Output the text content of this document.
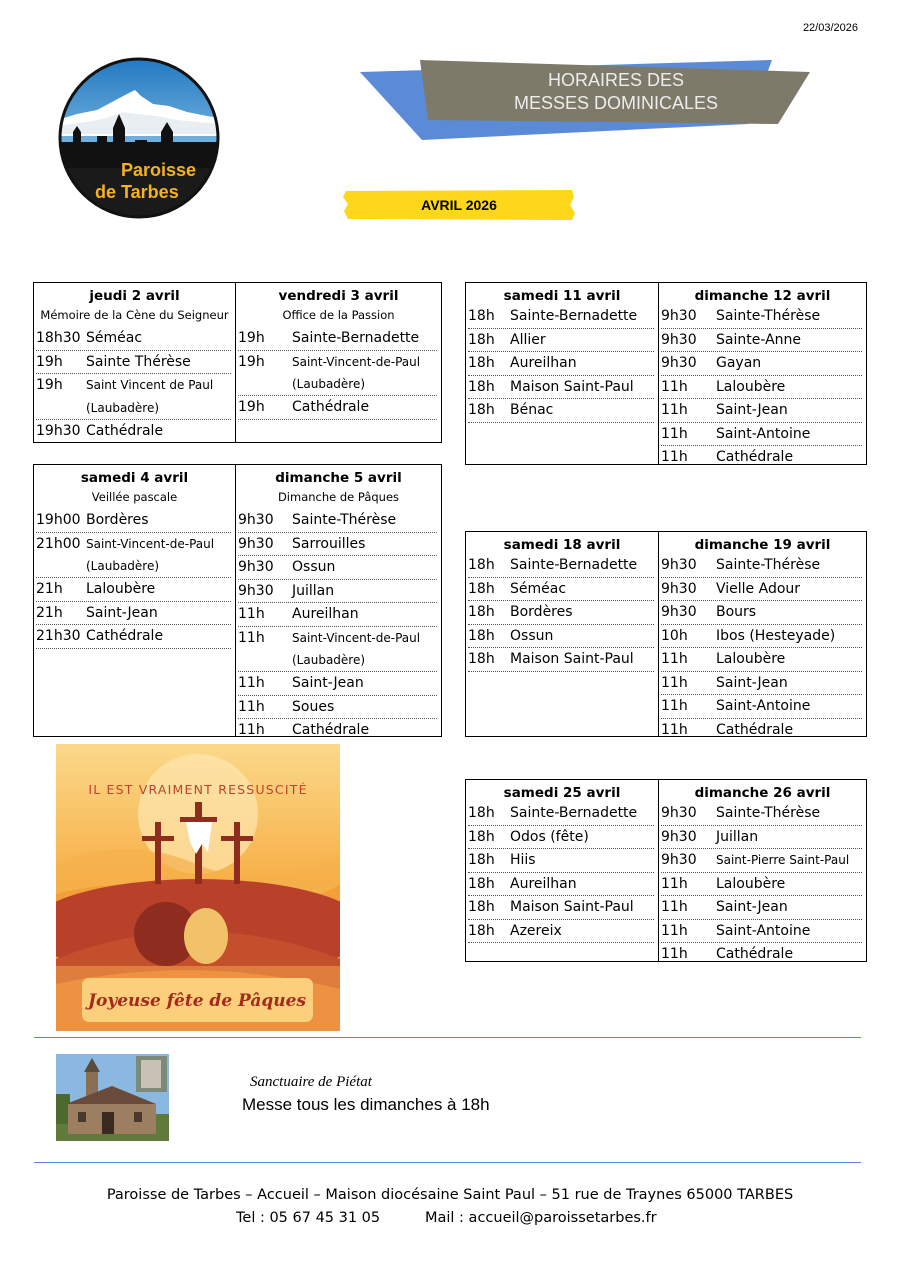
22/03/2026
Paroisse
de Tarbes
HORAIRES DES
MESSES DOMINICALES
AVRIL 2026
jeudi 2 avril
Mémoire de la Cène du Seigneur
18h30 Séméac
19h	Sainte Thérèse
19h	Saint Vincent de Paul
(Laubadère)
19h30 Cathédrale
vendredi 3 avril
Office de la Passion
19h	Sainte-Bernadette
19h	Saint-Vincent-de-Paul
(Laubadère)
19h	Cathédrale
samedi 4 avril
Veillée pascale
19h00 Bordères
21h00 Saint-Vincent-de-Paul
(Laubadère)
21h	Laloubère
21h	Saint-Jean
21h30 Cathédrale
dimanche 5 avril
Dimanche de Pâques
9h30	Sainte-Thérèse
9h30	Sarrouilles
9h30	Ossun
9h30	Juillan
11h	Aureilhan
11h	Saint-Vincent-de-Paul
(Laubadère)
11h	Saint-Jean
11h	Soues
11h	Cathédrale
samedi 11 avril
18h	Sainte-Bernadette
18h	Allier
18h	Aureilhan
18h	Maison Saint-Paul
18h	Bénac
dimanche 12 avril
9h30	Sainte-Thérèse
9h30	Sainte-Anne
9h30	Gayan
11h	Laloubère
11h	Saint-Jean
11h	Saint-Antoine
11h	Cathédrale
samedi 18 avril
18h	Sainte-Bernadette
18h	Séméac
18h	Bordères
18h	Ossun
18h	Maison Saint-Paul
dimanche 19 avril
9h30	Sainte-Thérèse
9h30	Vielle Adour
9h30	Bours
10h	Ibos (Hesteyade)
11h	Laloubère
11h	Saint-Jean
11h	Saint-Antoine
11h	Cathédrale
samedi 25 avril
18h	Sainte-Bernadette
18h	Odos (fête)
18h	Hiis
18h	Aureilhan
18h	Maison Saint-Paul
18h	Azereix
dimanche 26 avril
9h30	Sainte-Thérèse
9h30	Juillan
9h30	Saint-Pierre Saint-Paul
11h	Laloubère
11h	Saint-Jean
11h	Saint-Antoine
11h	Cathédrale
IL EST VRAIMENT RESSUSCITÉ
Joyeuse fête de Pâques
Sanctuaire de Piétat
Messe tous les dimanches à 18h
Paroisse de Tarbes – Accueil – Maison diocésaine Saint Paul – 51 rue de Traynes 65000 TARBES
Tel : 05 67 45 31 05	Mail : accueil@paroissetarbes.fr
